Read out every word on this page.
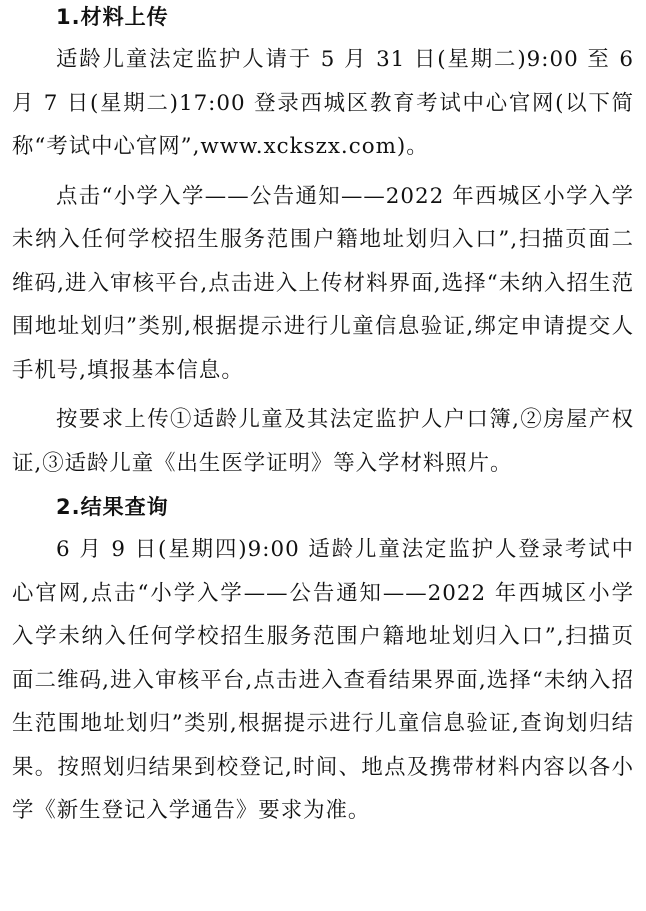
1.材料上传

适龄儿童法定监护人请于 5 月 31 日(星期二)9:00 至 6 月 7 日(星期二)17:00 登录西城区教育考试中心官网(以下简称“考试中心官网”,www.xckszx.com)。

点击“小学入学——公告通知——2022 年西城区小学入学未纳入任何学校招生服务范围户籍地址划归入口”,扫描页面二维码,进入审核平台,点击进入上传材料界面,选择“未纳入招生范围地址划归”类别,根据提示进行儿童信息验证,绑定申请提交人手机号,填报基本信息。

按要求上传①适龄儿童及其法定监护人户口簿,②房屋产权证,③适龄儿童《出生医学证明》等入学材料照片。

2.结果查询

6 月 9 日(星期四)9:00 适龄儿童法定监护人登录考试中心官网,点击“小学入学——公告通知——2022 年西城区小学入学未纳入任何学校招生服务范围户籍地址划归入口”,扫描页面二维码,进入审核平台,点击进入查看结果界面,选择“未纳入招生范围地址划归”类别,根据提示进行儿童信息验证,查询划归结果。按照划归结果到校登记,时间、地点及携带材料内容以各小学《新生登记入学通告》要求为准。
